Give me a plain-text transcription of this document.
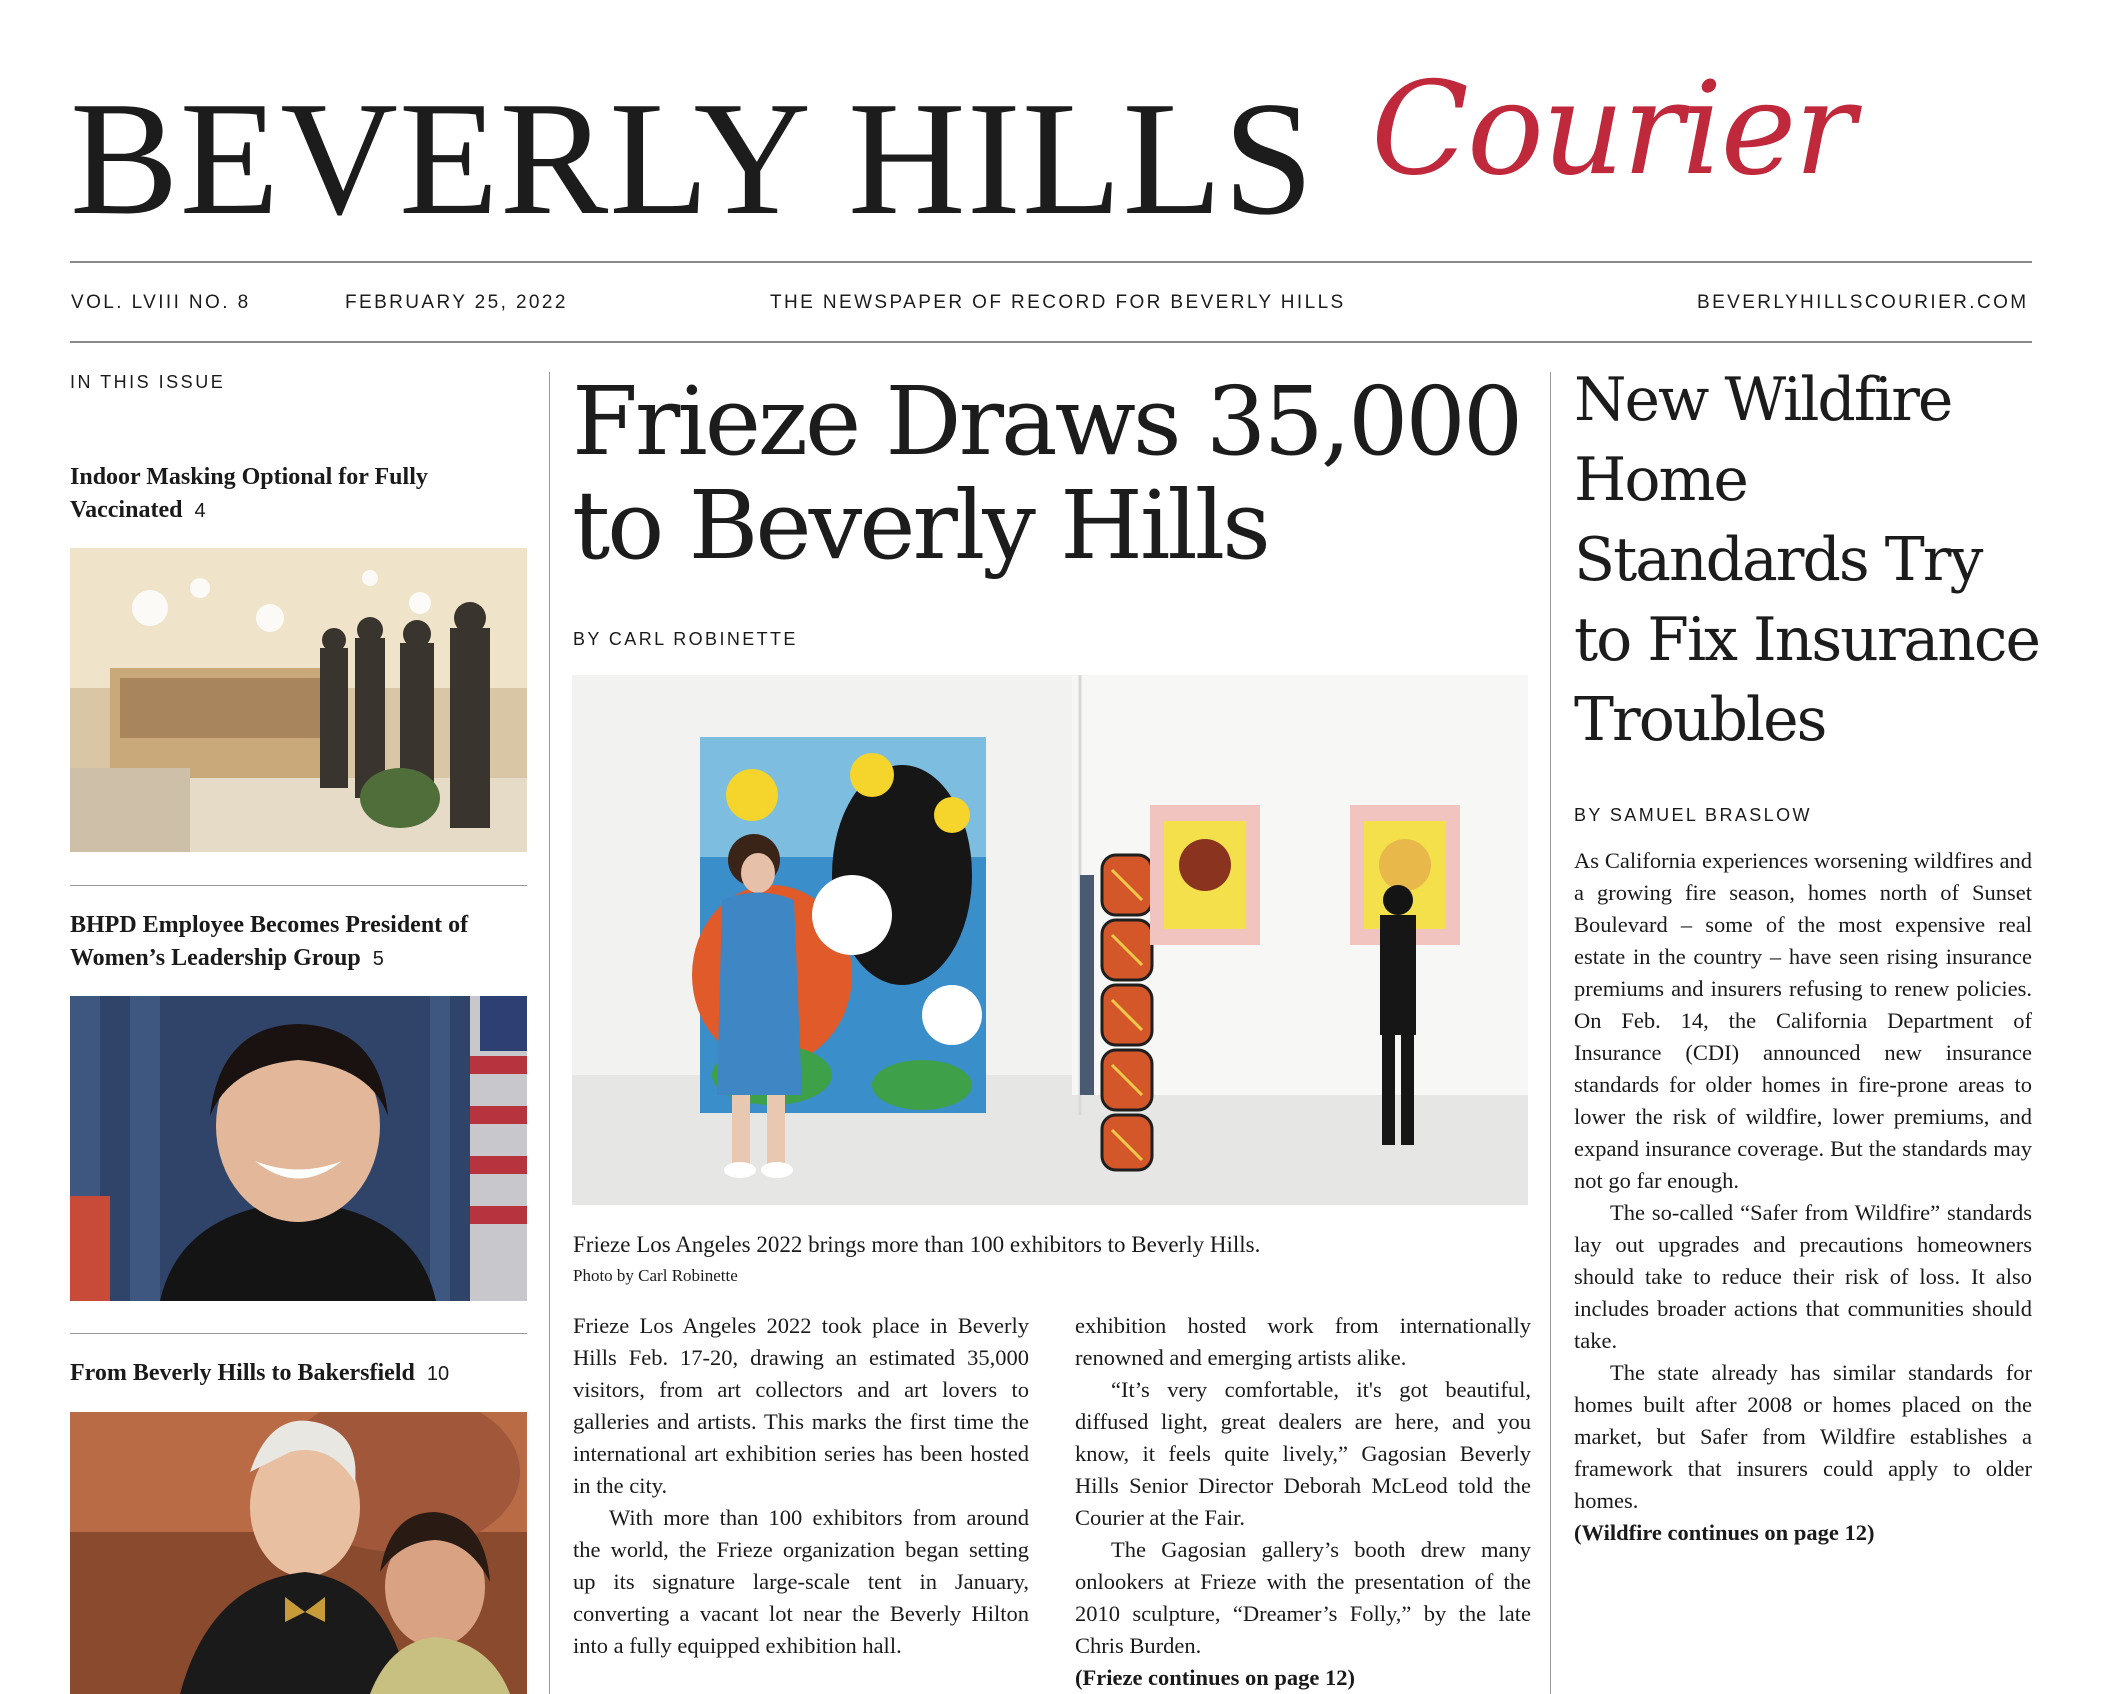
BEVERLY HILLS Courier
VOL. LVIII NO. 8	FEBRUARY 25, 2022	THE NEWSPAPER OF RECORD FOR BEVERLY HILLS	BEVERLYHILLSCOURIER.COM
IN THIS ISSUE
Indoor Masking Optional for Fully Vaccinated 4
BHPD Employee Becomes President of Women’s Leadership Group 5
From Beverly Hills to Bakersfield 10
Frieze Draws 35,000 to Beverly Hills
BY CARL ROBINETTE
Frieze Los Angeles 2022 brings more than 100 exhibitors to Beverly Hills.
Photo by Carl Robinette

Frieze Los Angeles 2022 took place in Beverly Hills Feb. 17-20, drawing an estimated 35,000 visitors, from art collectors and art lovers to galleries and artists. This marks the first time the international art exhibition series has been hosted in the city.

With more than 100 exhibitors from around the world, the Frieze organization began setting up its signature large-scale tent in January, converting a vacant lot near the Beverly Hilton into a fully equipped exhibition hall.

exhibition hosted work from internationally renowned and emerging artists alike.

“It’s very comfortable, it's got beautiful, diffused light, great dealers are here, and you know, it feels quite lively,” Gagosian Beverly Hills Senior Director Deborah McLeod told the Courier at the Fair.

The Gagosian gallery’s booth drew many onlookers at Frieze with the presentation of the 2010 sculpture, “Dreamer’s Folly,” by the late Chris Burden.

(Frieze continues on page 12)

New Wildfire Home Standards Try to Fix Insurance Troubles
BY SAMUEL BRASLOW

As California experiences worsening wildfires and a growing fire season, homes north of Sunset Boulevard – some of the most expensive real estate in the country – have seen rising insurance premiums and insurers refusing to renew policies. On Feb. 14, the California Department of Insurance (CDI) announced new insurance standards for older homes in fire-prone areas to lower the risk of wildfire, lower premiums, and expand insurance coverage. But the standards may not go far enough.

The so-called “Safer from Wildfire” standards lay out upgrades and precautions homeowners should take to reduce their risk of loss. It also includes broader actions that communities should take.

The state already has similar standards for homes built after 2008 or homes placed on the market, but Safer from Wildfire establishes a framework that insurers could apply to older homes.

(Wildfire continues on page 12)
